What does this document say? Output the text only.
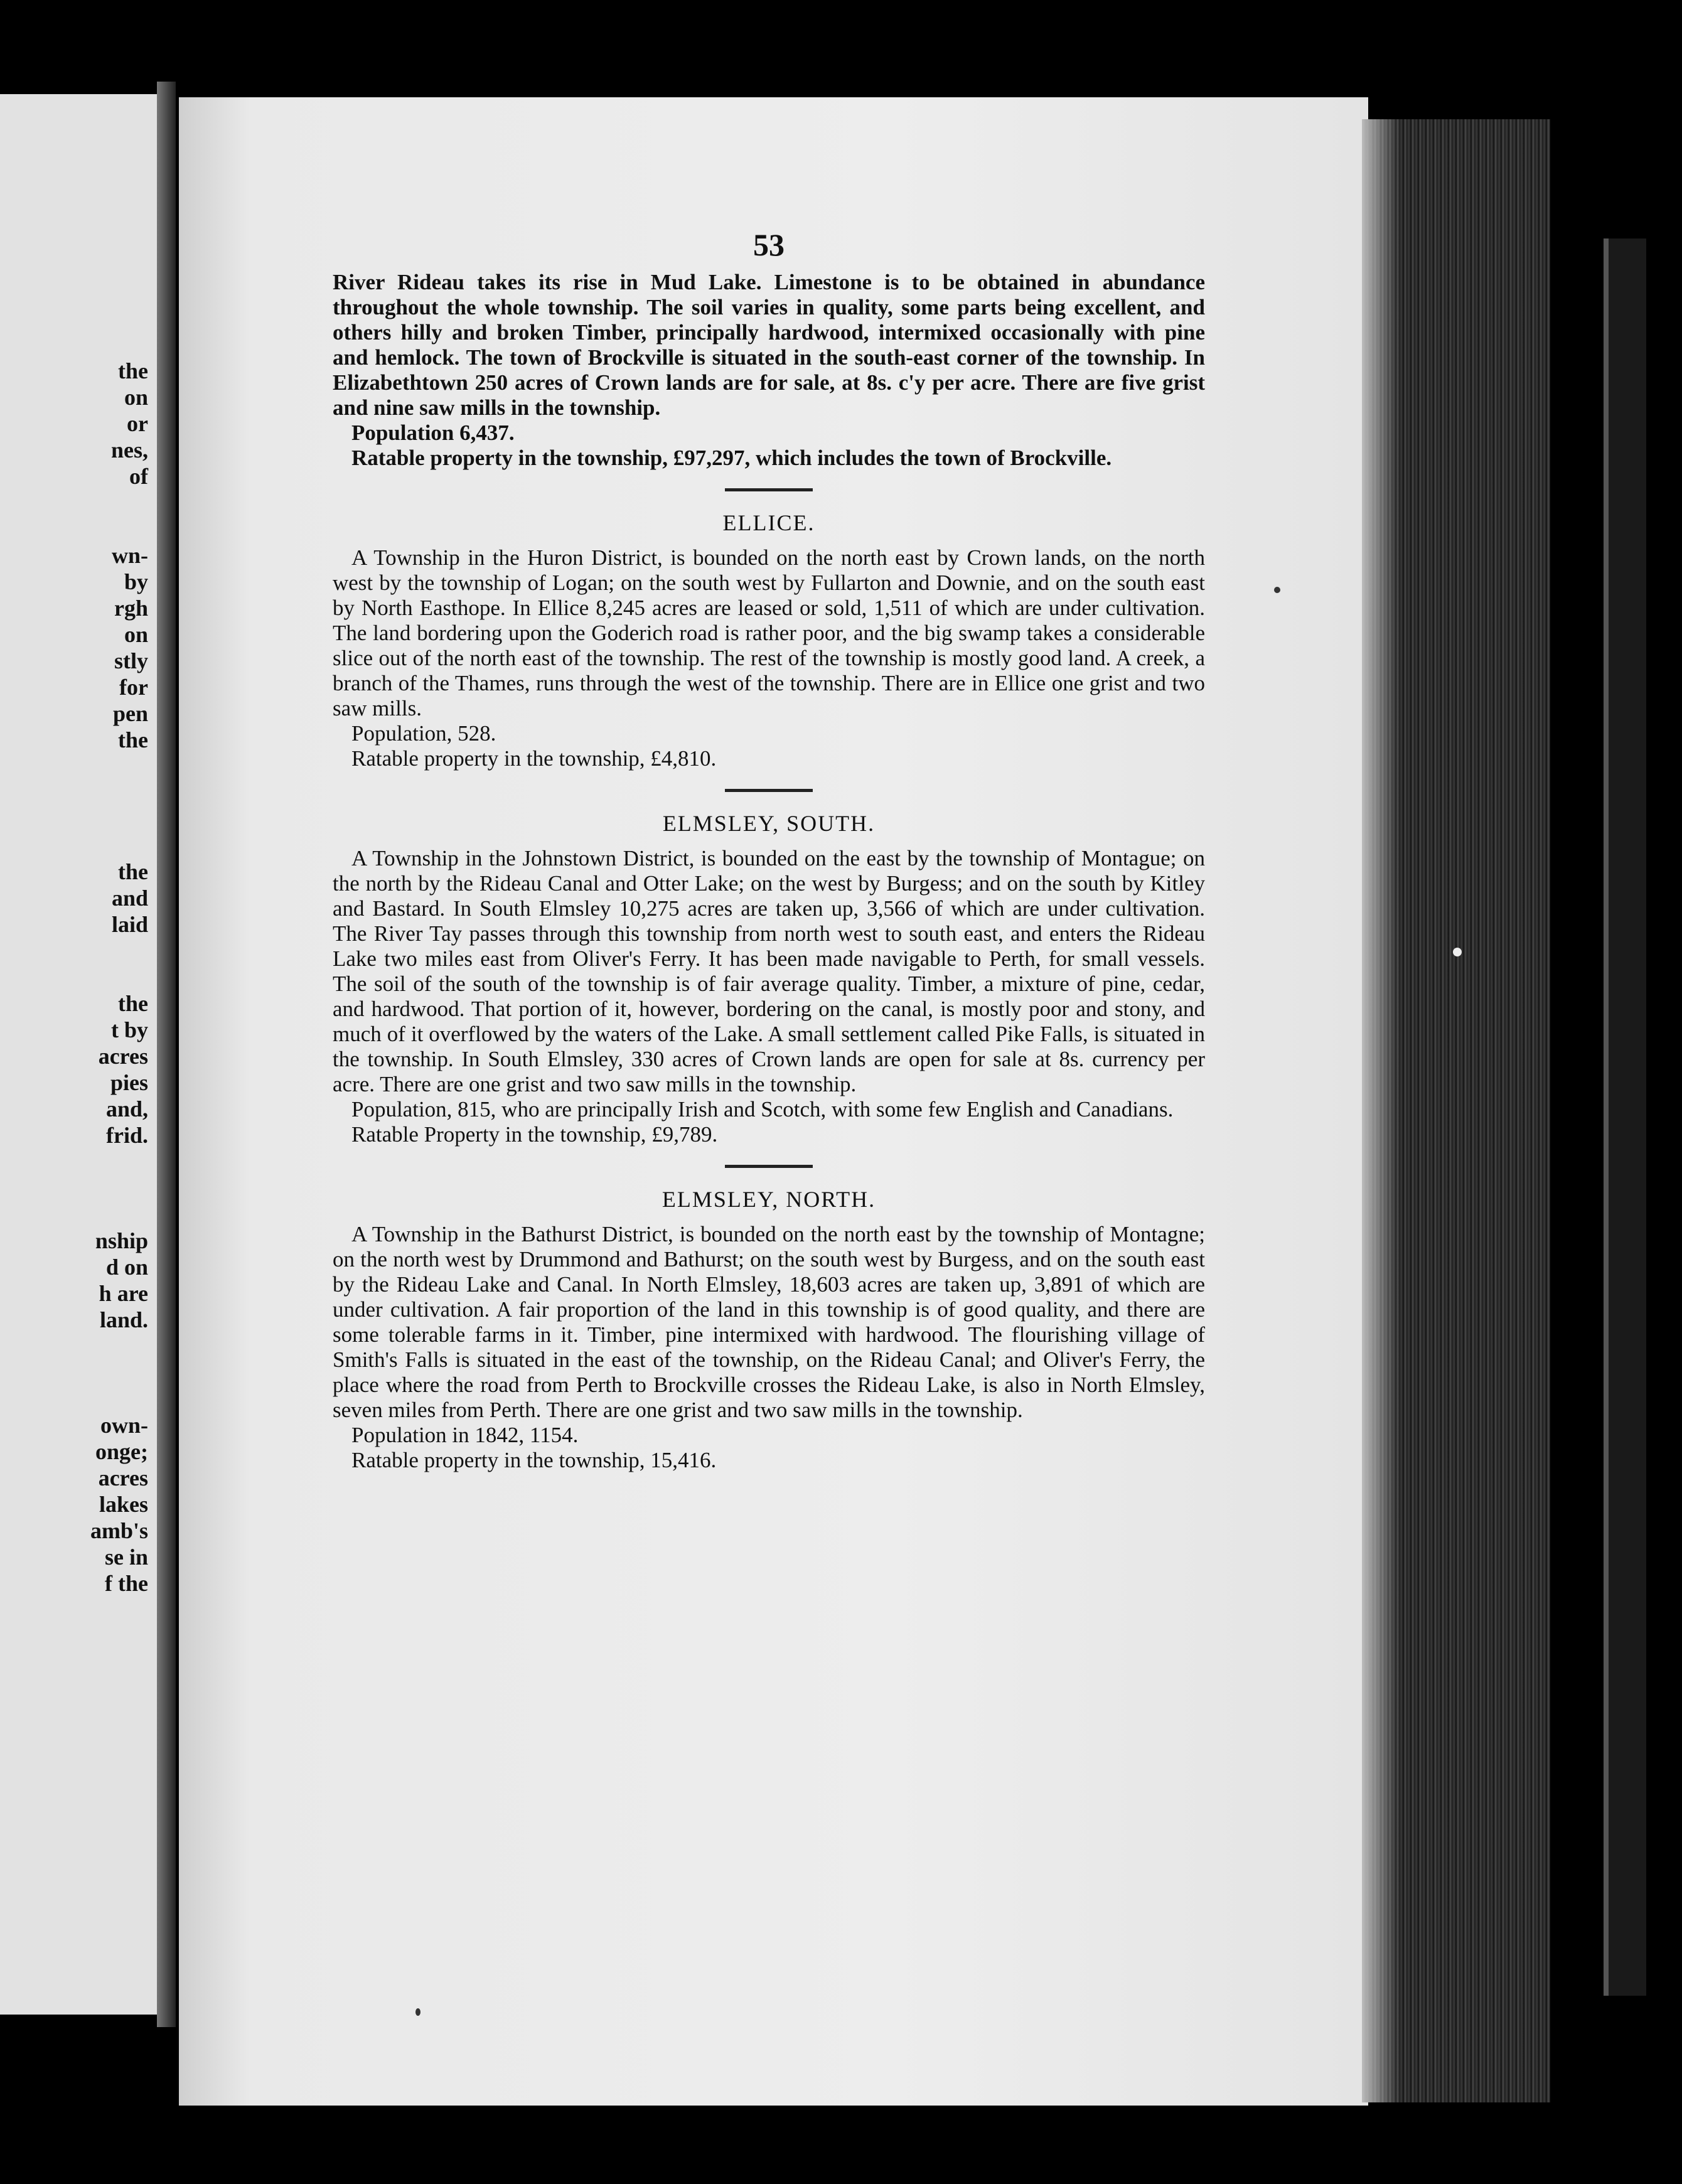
the
on
or
nes,
of

wn-
by
rgh
on
stly
for
pen
the

the
and
laid

the
t by
acres
pies
and,
frid.

nship
d on
h are
land.

own-
onge;
acres
lakes
amb's
se in
f the
53

River Rideau takes its rise in Mud Lake. Limestone is to be obtained in abundance throughout the whole township. The soil varies in quality, some parts being excellent, and others hilly and broken Timber, principally hardwood, intermixed occasionally with pine and hemlock. The town of Brockville is situated in the south-east corner of the township. In Elizabethtown 250 acres of Crown lands are for sale, at 8s. c'y per acre. There are five grist and nine saw mills in the township.

Population 6,437.

Ratable property in the township, £97,297, which includes the town of Brockville.

ELLICE.

A Township in the Huron District, is bounded on the north east by Crown lands, on the north west by the township of Logan; on the south west by Fullarton and Downie, and on the south east by North Easthope. In Ellice 8,245 acres are leased or sold, 1,511 of which are under cultivation. The land bordering upon the Goderich road is rather poor, and the big swamp takes a considerable slice out of the north east of the township. The rest of the township is mostly good land. A creek, a branch of the Thames, runs through the west of the township. There are in Ellice one grist and two saw mills.

Population, 528.

Ratable property in the township, £4,810.

ELMSLEY, SOUTH.

A Township in the Johnstown District, is bounded on the east by the township of Montague; on the north by the Rideau Canal and Otter Lake; on the west by Burgess; and on the south by Kitley and Bastard. In South Elmsley 10,275 acres are taken up, 3,566 of which are under cultivation. The River Tay passes through this township from north west to south east, and enters the Rideau Lake two miles east from Oliver's Ferry. It has been made navigable to Perth, for small vessels. The soil of the south of the township is of fair average quality. Timber, a mixture of pine, cedar, and hardwood. That portion of it, however, bordering on the canal, is mostly poor and stony, and much of it overflowed by the waters of the Lake. A small settlement called Pike Falls, is situated in the township. In South Elmsley, 330 acres of Crown lands are open for sale at 8s. currency per acre. There are one grist and two saw mills in the township.

Population, 815, who are principally Irish and Scotch, with some few English and Canadians.

Ratable Property in the township, £9,789.

ELMSLEY, NORTH.

A Township in the Bathurst District, is bounded on the north east by the township of Montagne; on the north west by Drummond and Bathurst; on the south west by Burgess, and on the south east by the Rideau Lake and Canal. In North Elmsley, 18,603 acres are taken up, 3,891 of which are under cultivation. A fair proportion of the land in this township is of good quality, and there are some tolerable farms in it. Timber, pine intermixed with hardwood. The flourishing village of Smith's Falls is situated in the east of the township, on the Rideau Canal; and Oliver's Ferry, the place where the road from Perth to Brockville crosses the Rideau Lake, is also in North Elmsley, seven miles from Perth. There are one grist and two saw mills in the township.

Population in 1842, 1154.

Ratable property in the township, 15,416.
